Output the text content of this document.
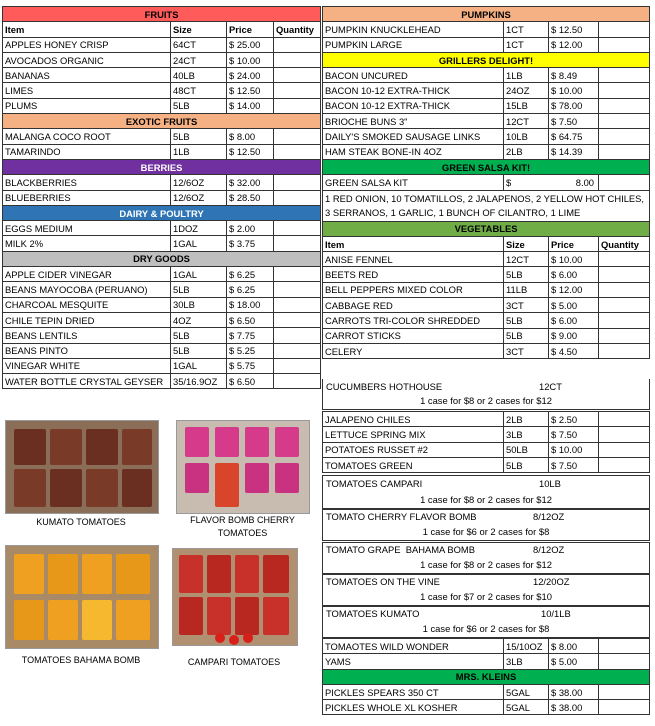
FRUITS			
Item	Size	Price	Quantity
APPLES HONEY CRISP	64CT	$ 25.00	
AVOCADOS ORGANIC	24CT	$ 10.00	
BANANAS	40LB	$ 24.00	
LIMES	48CT	$ 12.50	
PLUMS	5LB	$ 14.00	
EXOTIC FRUITS			
MALANGA COCO ROOT	5LB	$ 8.00	
TAMARINDO	1LB	$ 12.50	
BERRIES			
BLACKBERRIES	12/6OZ	$ 32.00	
BLUEBERRIES	12/6OZ	$ 28.50	
DAIRY & POULTRY			
EGGS MEDIUM	1DOZ	$ 2.00	
MILK 2%	1GAL	$ 3.75	
DRY GOODS			
APPLE CIDER VINEGAR	1GAL	$ 6.25	
BEANS MAYOCOBA (PERUANO)	5LB	$ 6.25	
CHARCOAL MESQUITE	30LB	$ 18.00	
CHILE TEPIN DRIED	4OZ	$ 6.50	
BEANS LENTILS	5LB	$ 7.75	
BEANS PINTO	5LB	$ 5.25	
VINEGAR WHITE	1GAL	$ 5.75	
WATER BOTTLE CRYSTAL GEYSER	35/16.9OZ	$ 6.50	
KUMATO TOMATOES	FLAVOR BOMB CHERRY TOMATOES
TOMATOES BAHAMA BOMB	CAMPARI TOMATOES
PUMPKINS			
PUMPKIN KNUCKLEHEAD	1CT	$ 12.50	
PUMPKIN LARGE	1CT	$ 12.00	
GRILLERS DELIGHT!			
BACON UNCURED	1LB	$ 8.49	
BACON 10-12 EXTRA-THICK	24OZ	$ 10.00	
BACON 10-12 EXTRA-THICK	15LB	$ 78.00	
BRIOCHE BUNS 3"	12CT	$ 7.50	
DAILY'S SMOKED SAUSAGE LINKS	10LB	$ 64.75	
HAM STEAK BONE-IN 4OZ	2LB	$ 14.39	
GREEN SALSA KIT!			
GREEN SALSA KIT	$	8.00	
1 RED ONION, 10 TOMATILLOS, 2 JALAPENOS, 2 YELLOW HOT CHILES, 3 SERRANOS, 1 GARLIC, 1 BUNCH OF CILANTRO, 1 LIME			
VEGETABLES			
Item	Size	Price	Quantity
ANISE FENNEL	12CT	$ 10.00	
BEETS RED	5LB	$ 6.00	
BELL PEPPERS MIXED COLOR	11LB	$ 12.00	
CABBAGE RED	3CT	$ 5.00	
CARROTS TRI-COLOR SHREDDED	5LB	$ 6.00	
CARROT STICKS	5LB	$ 9.00	
CELERY	3CT	$ 4.50	
CUCUMBERS HOTHOUSE	12CT
1 case for $8 or 2 cases for $12
JALAPENO CHILES	2LB	$ 2.50	
LETTUCE SPRING MIX	3LB	$ 7.50	
POTATOES RUSSET #2	50LB	$ 10.00	
TOMATOES GREEN	5LB	$ 7.50	
TOMATOES CAMPARI	10LB
1 case for $8 or 2 cases for $12
TOMATO CHERRY FLAVOR BOMB	8/12OZ
1 case for $6 or 2 cases for $8
TOMATO GRAPE  BAHAMA BOMB	8/12OZ
1 case for $8 or 2 cases for $12
TOMATOES ON THE VINE	12/20OZ
1 case for $7 or 2 cases for $10
TOMATOES KUMATO	10/1LB
1 case for $6 or 2 cases for $8
TOMAOTES WILD WONDER	15/10OZ	$ 8.00	
YAMS	3LB	$ 5.00	
MRS. KLEINS			
PICKLES SPEARS 350 CT	5GAL	$ 38.00	
PICKLES WHOLE XL KOSHER	5GAL	$ 38.00	
